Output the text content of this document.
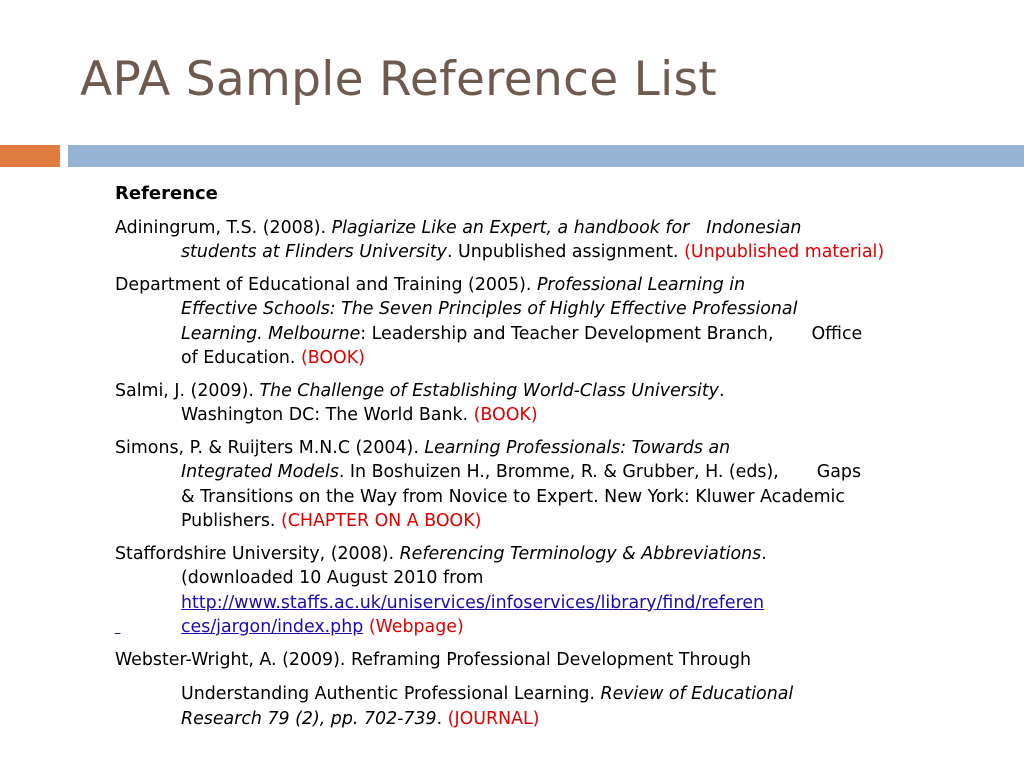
APA Sample Reference List
Reference
Adiningrum, T.S. (2008). Plagiarize Like an Expert, a handbook for Indonesian
students at Flinders University. Unpublished assignment. (Unpublished material)
Department of Educational and Training (2005). Professional Learning in
Effective Schools: The Seven Principles of Highly Effective Professional
Learning. Melbourne: Leadership and Teacher Development Branch, Office
of Education. (BOOK)
Salmi, J. (2009). The Challenge of Establishing World-Class University.
Washington DC: The World Bank. (BOOK)
Simons, P. & Ruijters M.N.C (2004). Learning Professionals: Towards an
Integrated Models. In Boshuizen H., Bromme, R. & Grubber, H. (eds), Gaps
& Transitions on the Way from Novice to Expert. New York: Kluwer Academic
Publishers. (CHAPTER ON A BOOK)
Staffordshire University, (2008). Referencing Terminology & Abbreviations.
(downloaded 10 August 2010 from
http://www.staffs.ac.uk/uniservices/infoservices/library/find/referen
ces/jargon/index.php (Webpage)
Webster-Wright, A. (2009). Reframing Professional Development Through
Understanding Authentic Professional Learning. Review of Educational
Research 79 (2), pp. 702-739. (JOURNAL)
